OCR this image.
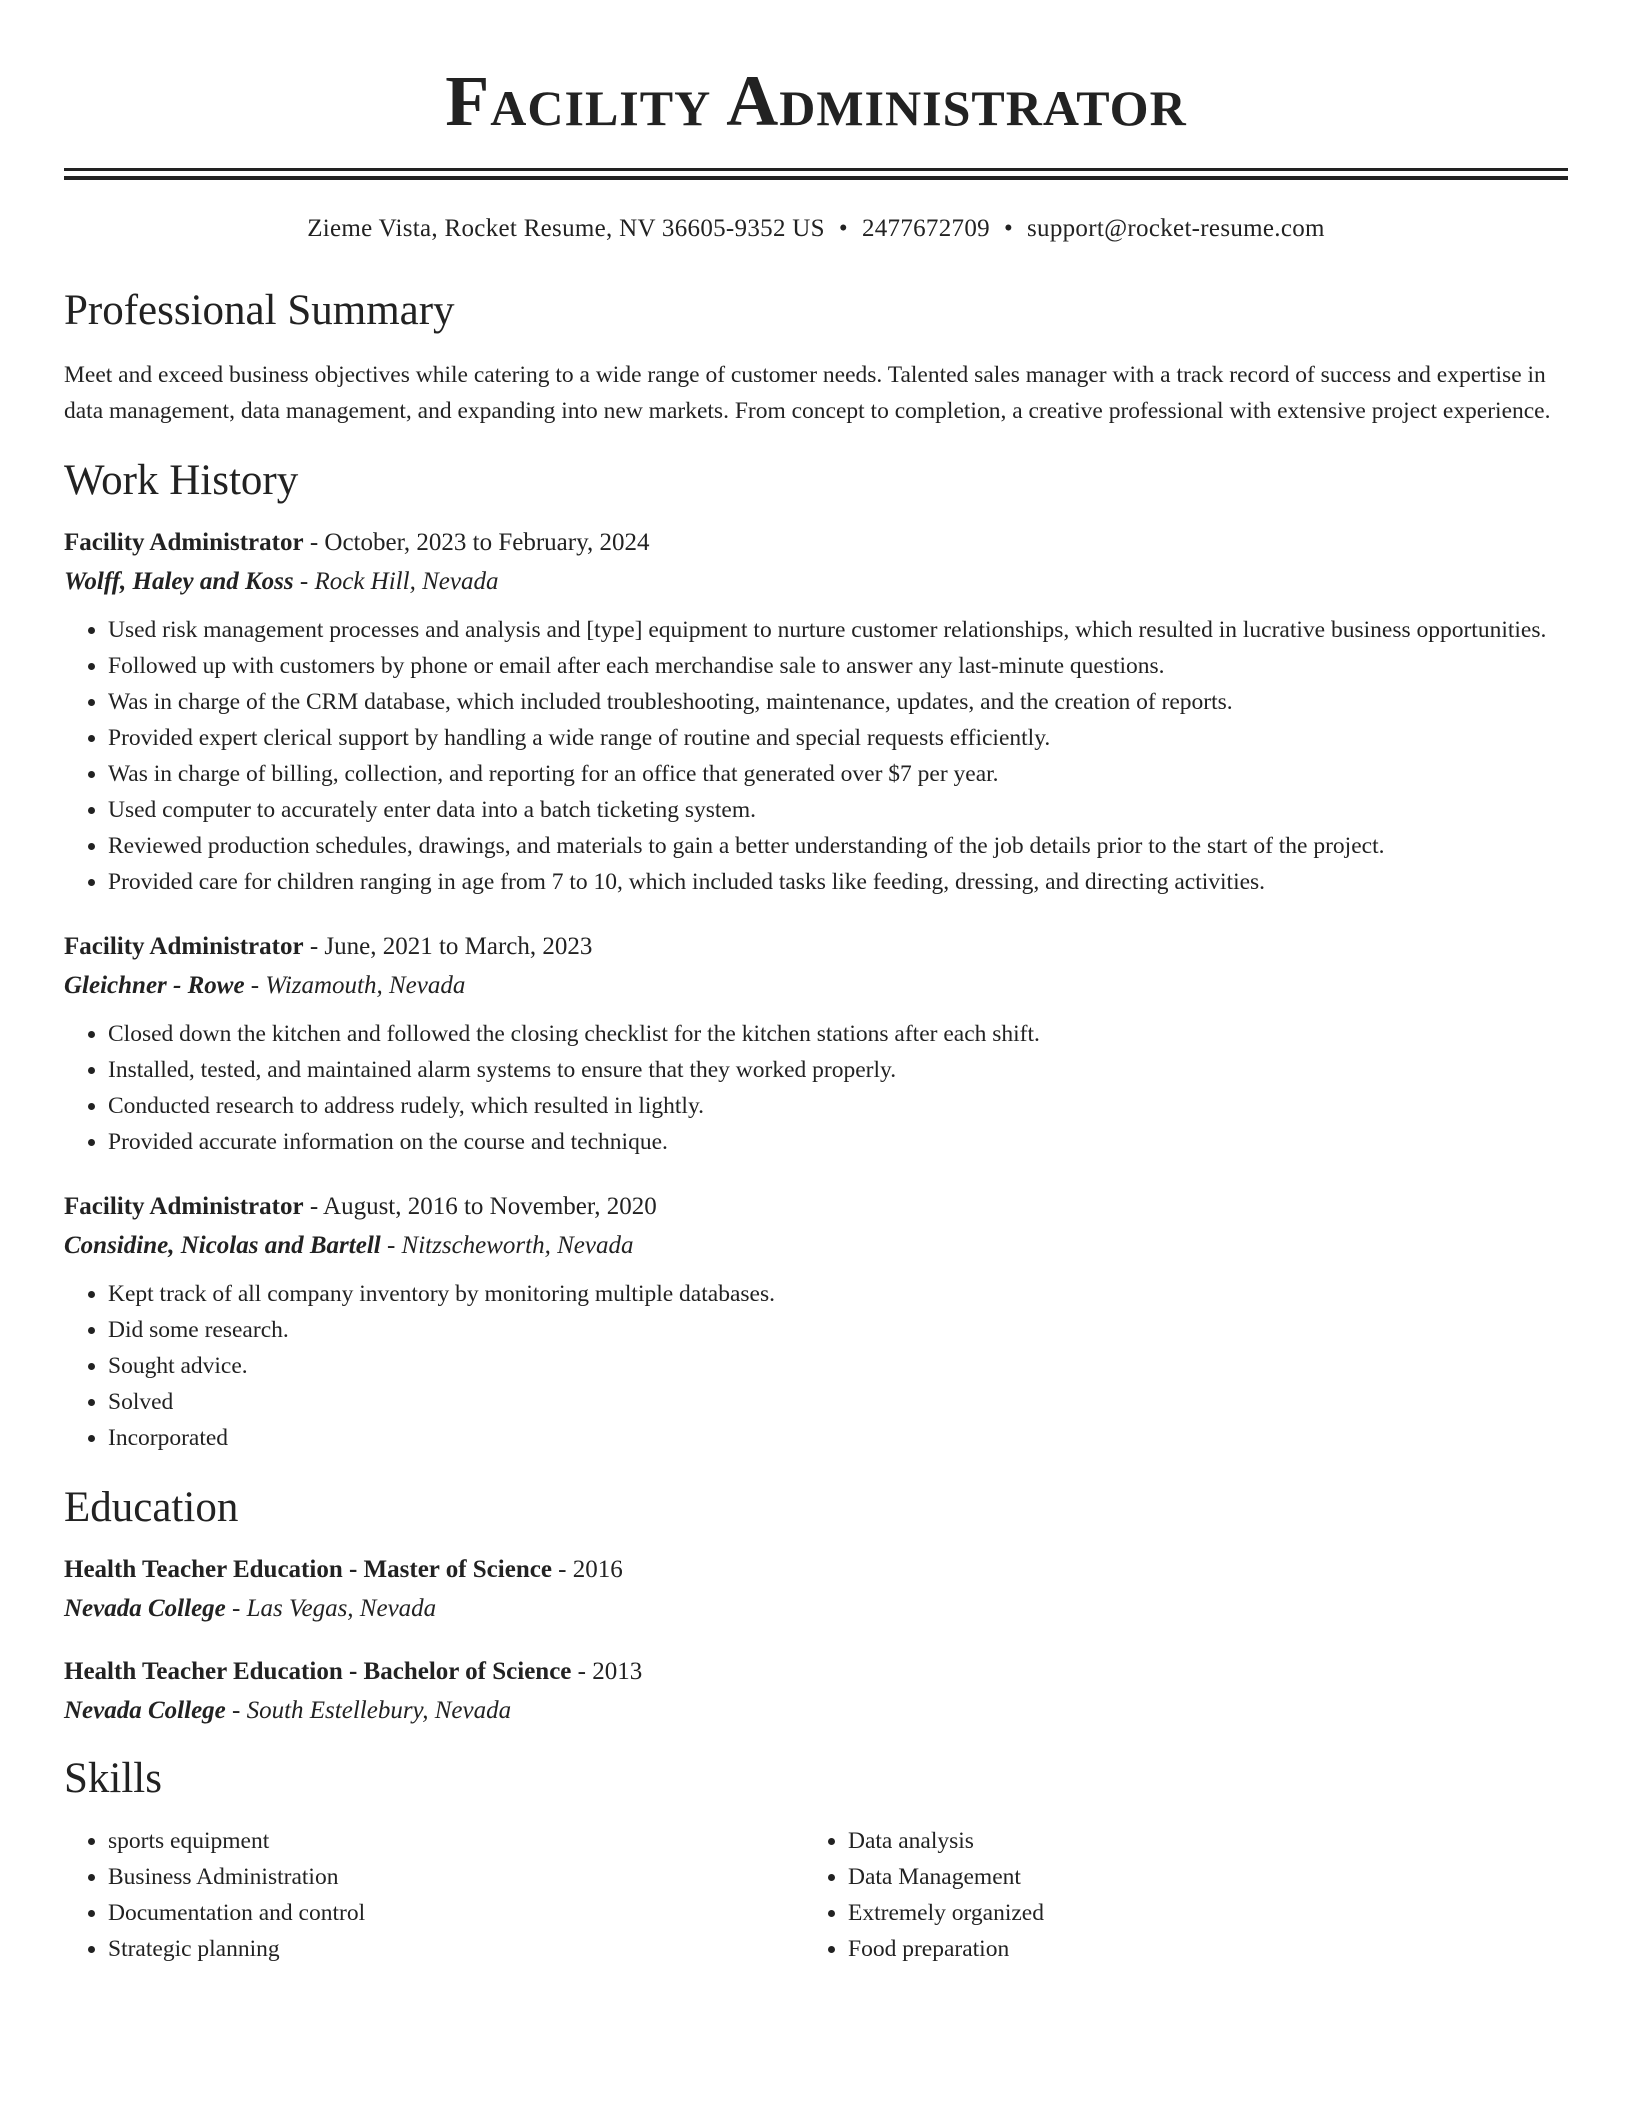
Facility Administrator
Zieme Vista, Rocket Resume, NV 36605-9352 US • 2477672709 • support@rocket-resume.com
Professional Summary

Meet and exceed business objectives while catering to a wide range of customer needs. Talented sales manager with a track record of success and expertise in data management, data management, and expanding into new markets. From concept to completion, a creative professional with extensive project experience.

Work History
Facility Administrator - October, 2023 to February, 2024
Wolff, Haley and Koss - Rock Hill, Nevada
• Used risk management processes and analysis and [type] equipment to nurture customer relationships, which resulted in lucrative business opportunities.
• Followed up with customers by phone or email after each merchandise sale to answer any last-minute questions.
• Was in charge of the CRM database, which included troubleshooting, maintenance, updates, and the creation of reports.
• Provided expert clerical support by handling a wide range of routine and special requests efficiently.
• Was in charge of billing, collection, and reporting for an office that generated over $7 per year.
• Used computer to accurately enter data into a batch ticketing system.
• Reviewed production schedules, drawings, and materials to gain a better understanding of the job details prior to the start of the project.
• Provided care for children ranging in age from 7 to 10, which included tasks like feeding, dressing, and directing activities.
Facility Administrator - June, 2021 to March, 2023
Gleichner - Rowe - Wizamouth, Nevada
• Closed down the kitchen and followed the closing checklist for the kitchen stations after each shift.
• Installed, tested, and maintained alarm systems to ensure that they worked properly.
• Conducted research to address rudely, which resulted in lightly.
• Provided accurate information on the course and technique.
Facility Administrator - August, 2016 to November, 2020
Considine, Nicolas and Bartell - Nitzscheworth, Nevada
• Kept track of all company inventory by monitoring multiple databases.
• Did some research.
• Sought advice.
• Solved
• Incorporated
Education
Health Teacher Education - Master of Science - 2016
Nevada College - Las Vegas, Nevada
Health Teacher Education - Bachelor of Science - 2013
Nevada College - South Estellebury, Nevada
Skills
• sports equipment
• Business Administration
• Documentation and control
• Strategic planning
• Data analysis
• Data Management
• Extremely organized
• Food preparation
